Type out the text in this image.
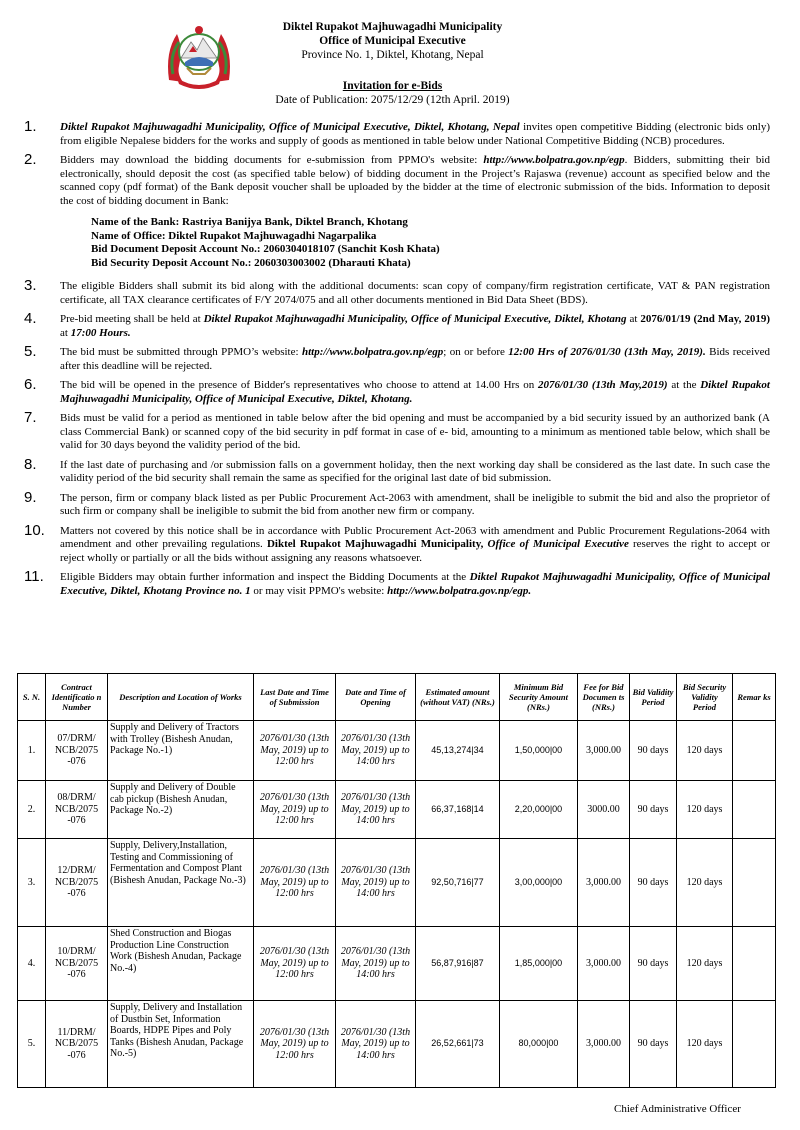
Diktel Rupakot Majhuwagadhi Municipality
Office of Municipal Executive
Province No. 1, Diktel, Khotang, Nepal
Invitation for e-Bids
Date of Publication: 2075/12/29 (12th April. 2019)

1. Diktel Rupakot Majhuwagadhi Municipality, Office of Municipal Executive, Diktel, Khotang, Nepal invites open competitive Bidding (electronic bids only) from eligible Nepalese bidders for the works and supply of goods as mentioned in table below under National Competitive Bidding (NCB) procedures.

2. Bidders may download the bidding documents for e-submission from PPMO's website: http://www.bolpatra.gov.np/egp. Bidders, submitting their bid electronically, should deposit the cost (as specified table below) of bidding document in the Project’s Rajaswa (revenue) account as specified below and the scanned copy (pdf format) of the Bank deposit voucher shall be uploaded by the bidder at the time of electronic submission of the bids. Information to deposit the cost of bidding document in Bank:

Name of the Bank: Rastriya Banijya Bank, Diktel Branch, Khotang
Name of Office: Diktel Rupakot Majhuwagadhi Nagarpalika
Bid Document Deposit Account No.: 2060304018107 (Sanchit Kosh Khata)
Bid Security Deposit Account No.: 2060303003002 (Dharauti Khata)

3. The eligible Bidders shall submit its bid along with the additional documents: scan copy of company/firm registration certificate, VAT & PAN registration certificate, all TAX clearance certificates of F/Y 2074/075 and all other documents mentioned in Bid Data Sheet (BDS).

4. Pre-bid meeting shall be held at Diktel Rupakot Majhuwagadhi Municipality, Office of Municipal Executive, Diktel, Khotang at 2076/01/19 (2nd May, 2019) at 17:00 Hours.

5. The bid must be submitted through PPMO’s website: http://www.bolpatra.gov.np/egp; on or before 12:00 Hrs of 2076/01/30 (13th May, 2019). Bids received after this deadline will be rejected.

6. The bid will be opened in the presence of Bidder's representatives who choose to attend at 14.00 Hrs on 2076/01/30 (13th May,2019) at the Diktel Rupakot Majhuwagadhi Municipality, Office of Municipal Executive, Diktel, Khotang.

7. Bids must be valid for a period as mentioned in table below after the bid opening and must be accompanied by a bid security issued by an authorized bank (A class Commercial Bank) or scanned copy of the bid security in pdf format in case of e- bid, amounting to a minimum as mentioned table below, which shall be valid for 30 days beyond the validity period of the bid.

8. If the last date of purchasing and /or submission falls on a government holiday, then the next working day shall be considered as the last date. In such case the validity period of the bid security shall remain the same as specified for the original last date of bid submission.

9. The person, firm or company black listed as per Public Procurement Act-2063 with amendment, shall be ineligible to submit the bid and also the proprietor of such firm or company shall be ineligible to submit the bid from another new firm or company.

10. Matters not covered by this notice shall be in accordance with Public Procurement Act-2063 with amendment and Public Procurement Regulations-2064 with amendment and other prevailing regulations. Diktel Rupakot Majhuwagadhi Municipality, Office of Municipal Executive reserves the right to accept or reject wholly or partially or all the bids without assigning any reasons whatsoever.

11. Eligible Bidders may obtain further information and inspect the Bidding Documents at the Diktel Rupakot Majhuwagadhi Municipality, Office of Municipal Executive, Diktel, Khotang Province no. 1 or may visit PPMO's website: http://www.bolpatra.gov.np/egp.

S. N.	Contract Identificatio n Number	Description and Location of Works	Last Date and Time of Submission	Date and Time of Opening	Estimated amount (without VAT) (NRs.)	Minimum Bid Security Amount (NRs.)	Fee for Bid Documen ts (NRs.)	Bid Validity Period	Bid Security Validity Period	Remar ks
1.	07/DRM/ NCB/2075 -076	Supply and Delivery of Tractors with Trolley (Bishesh Anudan, Package No.-1)	2076/01/30 (13th May, 2019) up to 12:00 hrs	2076/01/30 (13th May, 2019) up to 14:00 hrs	45,13,274|34	1,50,000|00	3,000.00	90 days	120 days	
2.	08/DRM/ NCB/2075 -076	Supply and Delivery of Double cab pickup (Bishesh Anudan, Package No.-2)	2076/01/30 (13th May, 2019) up to 12:00 hrs	2076/01/30 (13th May, 2019) up to 14:00 hrs	66,37,168|14	2,20,000|00	3000.00	90 days	120 days	
3.	12/DRM/ NCB/2075 -076	Supply, Delivery,Installation, Testing and Commissioning of Fermentation and Compost Plant (Bishesh Anudan, Package No.-3)	2076/01/30 (13th May, 2019) up to 12:00 hrs	2076/01/30 (13th May, 2019) up to 14:00 hrs	92,50,716|77	3,00,000|00	3,000.00	90 days	120 days	
4.	10/DRM/ NCB/2075 -076	Shed Construction and Biogas Production Line Construction Work (Bishesh Anudan, Package No.-4)	2076/01/30 (13th May, 2019) up to 12:00 hrs	2076/01/30 (13th May, 2019) up to 14:00 hrs	56,87,916|87	1,85,000|00	3,000.00	90 days	120 days	
5.	11/DRM/ NCB/2075 -076	Supply, Delivery and Installation of Dustbin Set, Information Boards, HDPE Pipes and Poly Tanks (Bishesh Anudan, Package No.-5)	2076/01/30 (13th May, 2019) up to 12:00 hrs	2076/01/30 (13th May, 2019) up to 14:00 hrs	26,52,661|73	80,000|00	3,000.00	90 days	120 days	
Chief Administrative Officer
